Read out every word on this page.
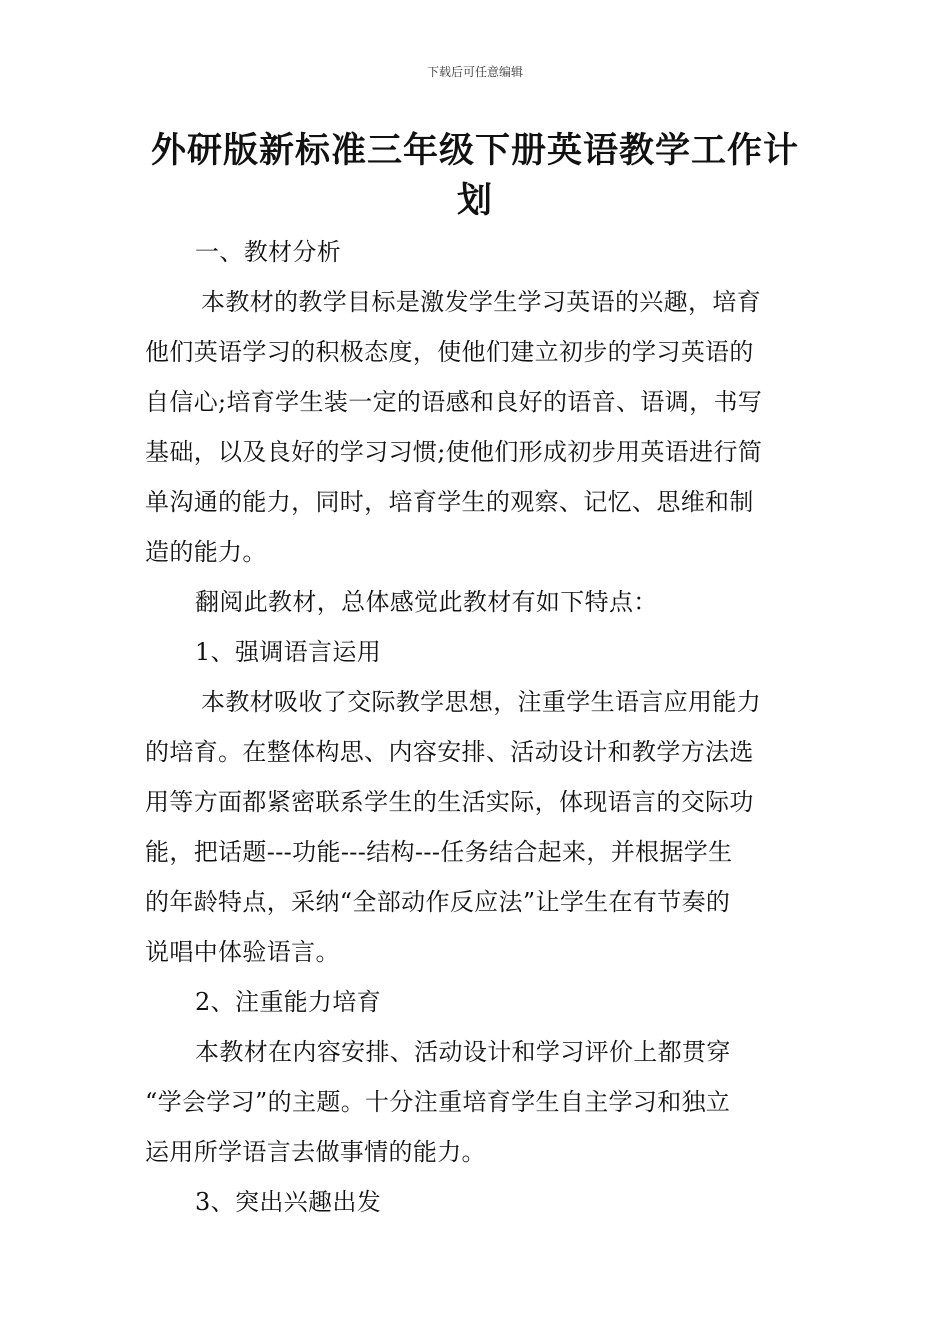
下载后可任意编辑
外研版新标准三年级下册英语教学工作计划
一、教材分析
本教材的教学目标是激发学生学习英语的兴趣，培育
他们英语学习的积极态度，使他们建立初步的学习英语的
自信心;培育学生装一定的语感和良好的语音、语调，书写
基础，以及良好的学习习惯;使他们形成初步用英语进行简
单沟通的能力，同时，培育学生的观察、记忆、思维和制
造的能力。
翻阅此教材，总体感觉此教材有如下特点：
1、强调语言运用
本教材吸收了交际教学思想，注重学生语言应用能力
的培育。在整体构思、内容安排、活动设计和教学方法选
用等方面都紧密联系学生的生活实际，体现语言的交际功
能，把话题---功能---结构---任务结合起来，并根据学生
的年龄特点，采纳“全部动作反应法”让学生在有节奏的
说唱中体验语言。
2、注重能力培育
本教材在内容安排、活动设计和学习评价上都贯穿
“学会学习”的主题。十分注重培育学生自主学习和独立
运用所学语言去做事情的能力。
3、突出兴趣出发
